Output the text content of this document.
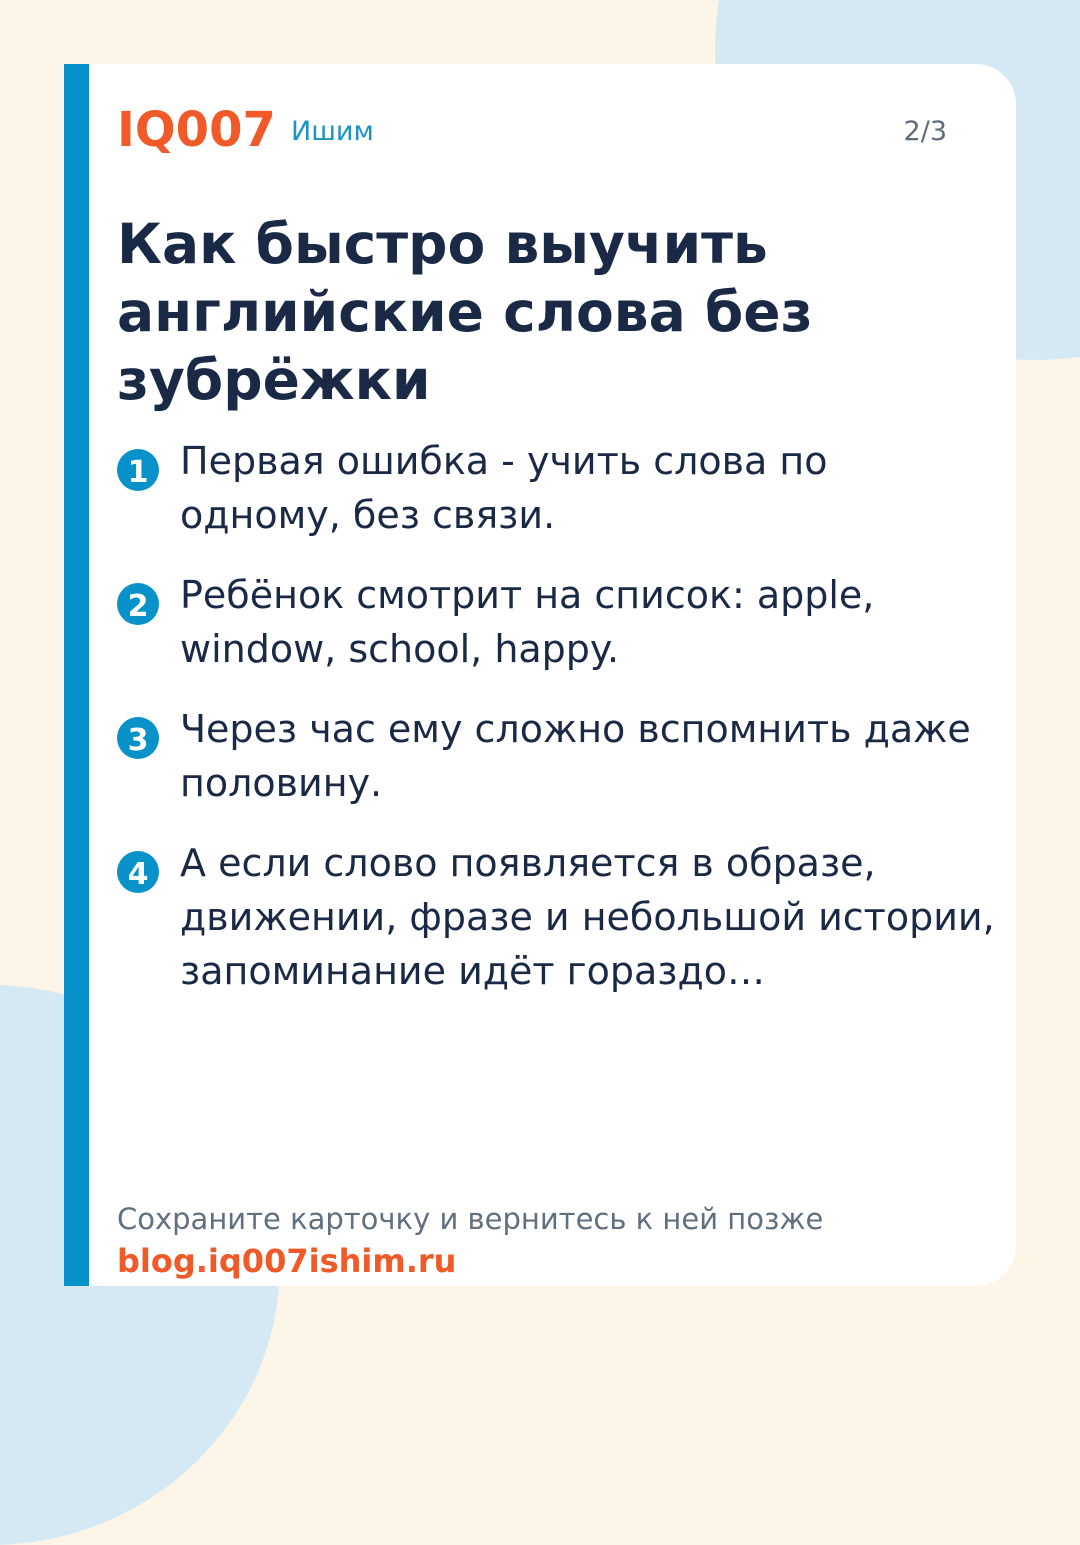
IQ007 Ишим	2/3
Как быстро выучить английские слова без зубрёжки
1 Первая ошибка - учить слова по одному, без связи.
2 Ребёнок смотрит на список: apple, window, school, happy.
3 Через час ему сложно вспомнить даже половину.
4 А если слово появляется в образе, движении, фразе и небольшой истории, запоминание идёт гораздо…
Сохраните карточку и вернитесь к ней позже
blog.iq007ishim.ru
